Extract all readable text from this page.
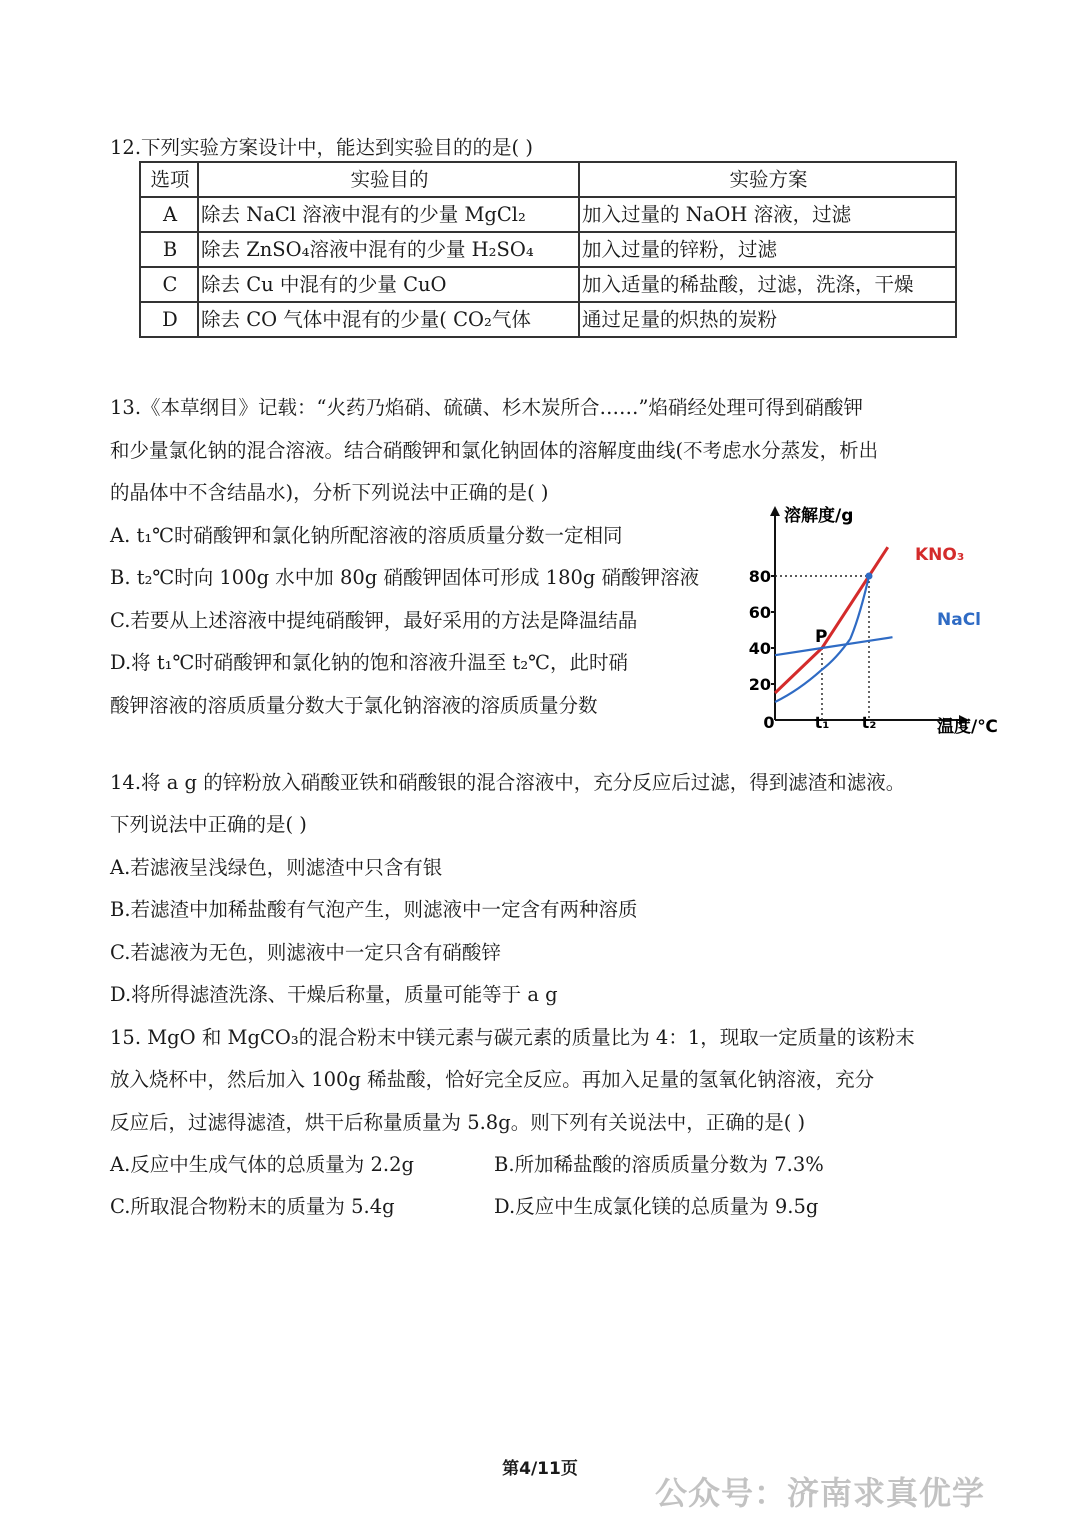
12.下列实验方案设计中，能达到实验目的的是( )
选项	实验目的	实验方案
A	除去 NaCl 溶液中混有的少量 MgCl₂	加入过量的 NaOH 溶液，过滤
B	除去 ZnSO₄溶液中混有的少量 H₂SO₄	加入过量的锌粉，过滤
C	除去 Cu 中混有的少量 CuO	加入适量的稀盐酸，过滤，洗涤，干燥
D	除去 CO 气体中混有的少量( CO₂气体	通过足量的炽热的炭粉
13.《本草纲目》记载：“火药乃焰硝、硫磺、杉木炭所合……”焰硝经处理可得到硝酸钾
和少量氯化钠的混合溶液。结合硝酸钾和氯化钠固体的溶解度曲线(不考虑水分蒸发，析出
的晶体中不含结晶水)，分析下列说法中正确的是( )
A. t₁℃时硝酸钾和氯化钠所配溶液的溶质质量分数一定相同
B. t₂℃时向 100g 水中加 80g 硝酸钾固体可形成 180g 硝酸钾溶液
C.若要从上述溶液中提纯硝酸钾，最好采用的方法是降温结晶
D.将 t₁℃时硝酸钾和氯化钠的饱和溶液升温至 t₂℃，此时硝
酸钾溶液的溶质质量分数大于氯化钠溶液的溶质质量分数
溶解度/g
温度/℃
0
20
40
60
80
t₁ t₂
P
KNO₃
NaCl
14.将 a g 的锌粉放入硝酸亚铁和硝酸银的混合溶液中，充分反应后过滤，得到滤渣和滤液。
下列说法中正确的是( )
A.若滤液呈浅绿色，则滤渣中只含有银
B.若滤渣中加稀盐酸有气泡产生，则滤液中一定含有两种溶质
C.若滤液为无色，则滤液中一定只含有硝酸锌
D.将所得滤渣洗涤、干燥后称量，质量可能等于 a g
15. MgO 和 MgCO₃的混合粉末中镁元素与碳元素的质量比为 4：1，现取一定质量的该粉末
放入烧杯中，然后加入 100g 稀盐酸，恰好完全反应。再加入足量的氢氧化钠溶液，充分
反应后，过滤得滤渣，烘干后称量质量为 5.8g。则下列有关说法中，正确的是( )
A.反应中生成气体的总质量为 2.2g	B.所加稀盐酸的溶质质量分数为 7.3%
C.所取混合物粉末的质量为 5.4g	D.反应中生成氯化镁的总质量为 9.5g
第4/11页
公众号：济南求真优学
